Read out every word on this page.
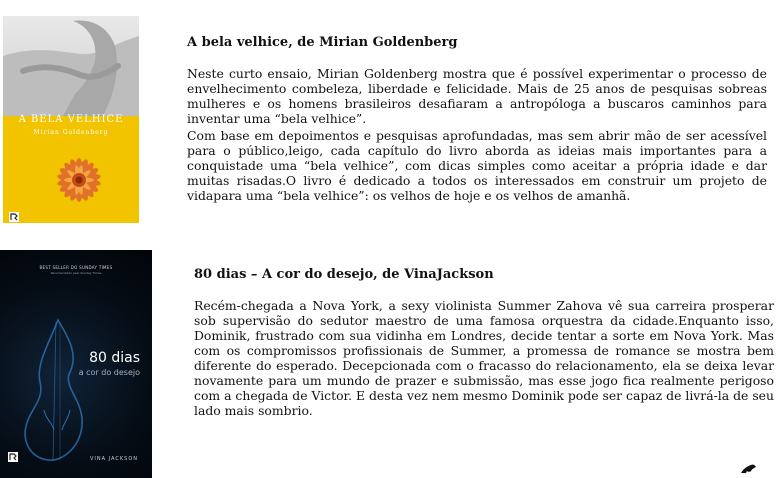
A BELA VELHICE
Mirian Goldenberg
A bela velhice, de Mirian Goldenberg
Neste curto ensaio, Mirian Goldenberg mostra que é possível experimentar o processo de envelhecimento combeleza, liberdade e felicidade. Mais de 25 anos de pesquisas sobreas mulheres e os homens brasileiros desafiaram a antropóloga a buscaros caminhos para inventar uma “bela velhice”.
Com base em depoimentos e pesquisas aprofundadas, mas sem abrir mão de ser acessível para o público,leigo, cada capítulo do livro aborda as ideias mais importantes para a conquistade uma “bela velhice”, com dicas simples como aceitar a própria idade e dar muitas risadas.O livro é dedicado a todos os interessados em construir um projeto de vidapara uma “bela velhice”: os velhos de hoje e os velhos de amanhã.
BEST SELLER DO SUNDAY TIMES
Recomendado pelo Sunday Times
80 dias
a cor do desejo
VINA JACKSON
80 dias – A cor do desejo, de VinaJackson
Recém-chegada a Nova York, a sexy violinista Summer Zahova vê sua carreira prosperar sob supervisão do sedutor maestro de uma famosa orquestra da cidade.Enquanto isso, Dominik, frustrado com sua vidinha em Londres, decide tentar a sorte em Nova York. Mas com os compromissos profissionais de Summer, a promessa de romance se mostra bem diferente do esperado. Decepcionada com o fracasso do relacionamento, ela se deixa levar novamente para um mundo de prazer e submissão, mas esse jogo fica realmente perigoso com a chegada de Victor. E desta vez nem mesmo Dominik pode ser capaz de livrá-la de seu lado mais sombrio.
